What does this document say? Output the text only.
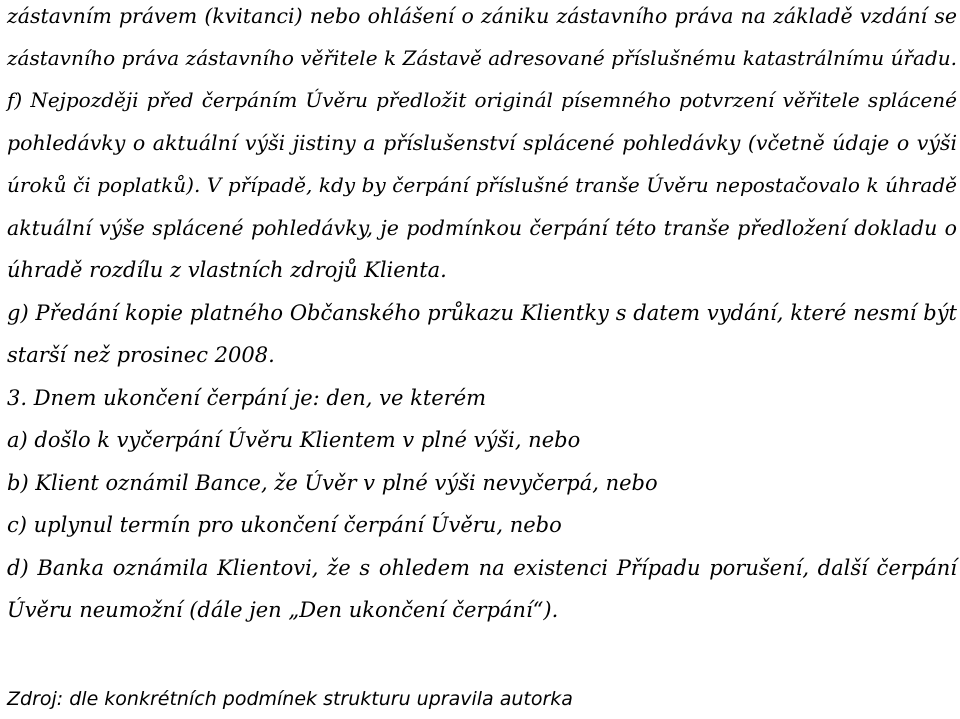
zástavním právem (kvitanci) nebo ohlášení o zániku zástavního práva na základě vzdání se

zástavního práva zástavního věřitele k Zástavě adresované příslušnému katastrálnímu úřadu.

f) Nejpozději před čerpáním Úvěru předložit originál písemného potvrzení věřitele splácené

pohledávky o aktuální výši jistiny a příslušenství splácené pohledávky (včetně údaje o výši

úroků či poplatků). V případě, kdy by čerpání příslušné tranše Úvěru nepostačovalo k úhradě

aktuální výše splácené pohledávky, je podmínkou čerpání této tranše předložení dokladu o

úhradě rozdílu z vlastních zdrojů Klienta.

g) Předání kopie platného Občanského průkazu Klientky s datem vydání, které nesmí být

starší než prosinec 2008.

3. Dnem ukončení čerpání je: den, ve kterém

a) došlo k vyčerpání Úvěru Klientem v plné výši, nebo

b) Klient oznámil Bance, že Úvěr v plné výši nevyčerpá, nebo

c) uplynul termín pro ukončení čerpání Úvěru, nebo

d) Banka oznámila Klientovi, že s ohledem na existenci Případu porušení, další čerpání

Úvěru neumožní (dále jen „Den ukončení čerpání“).

Zdroj: dle konkrétních podmínek strukturu upravila autorka
